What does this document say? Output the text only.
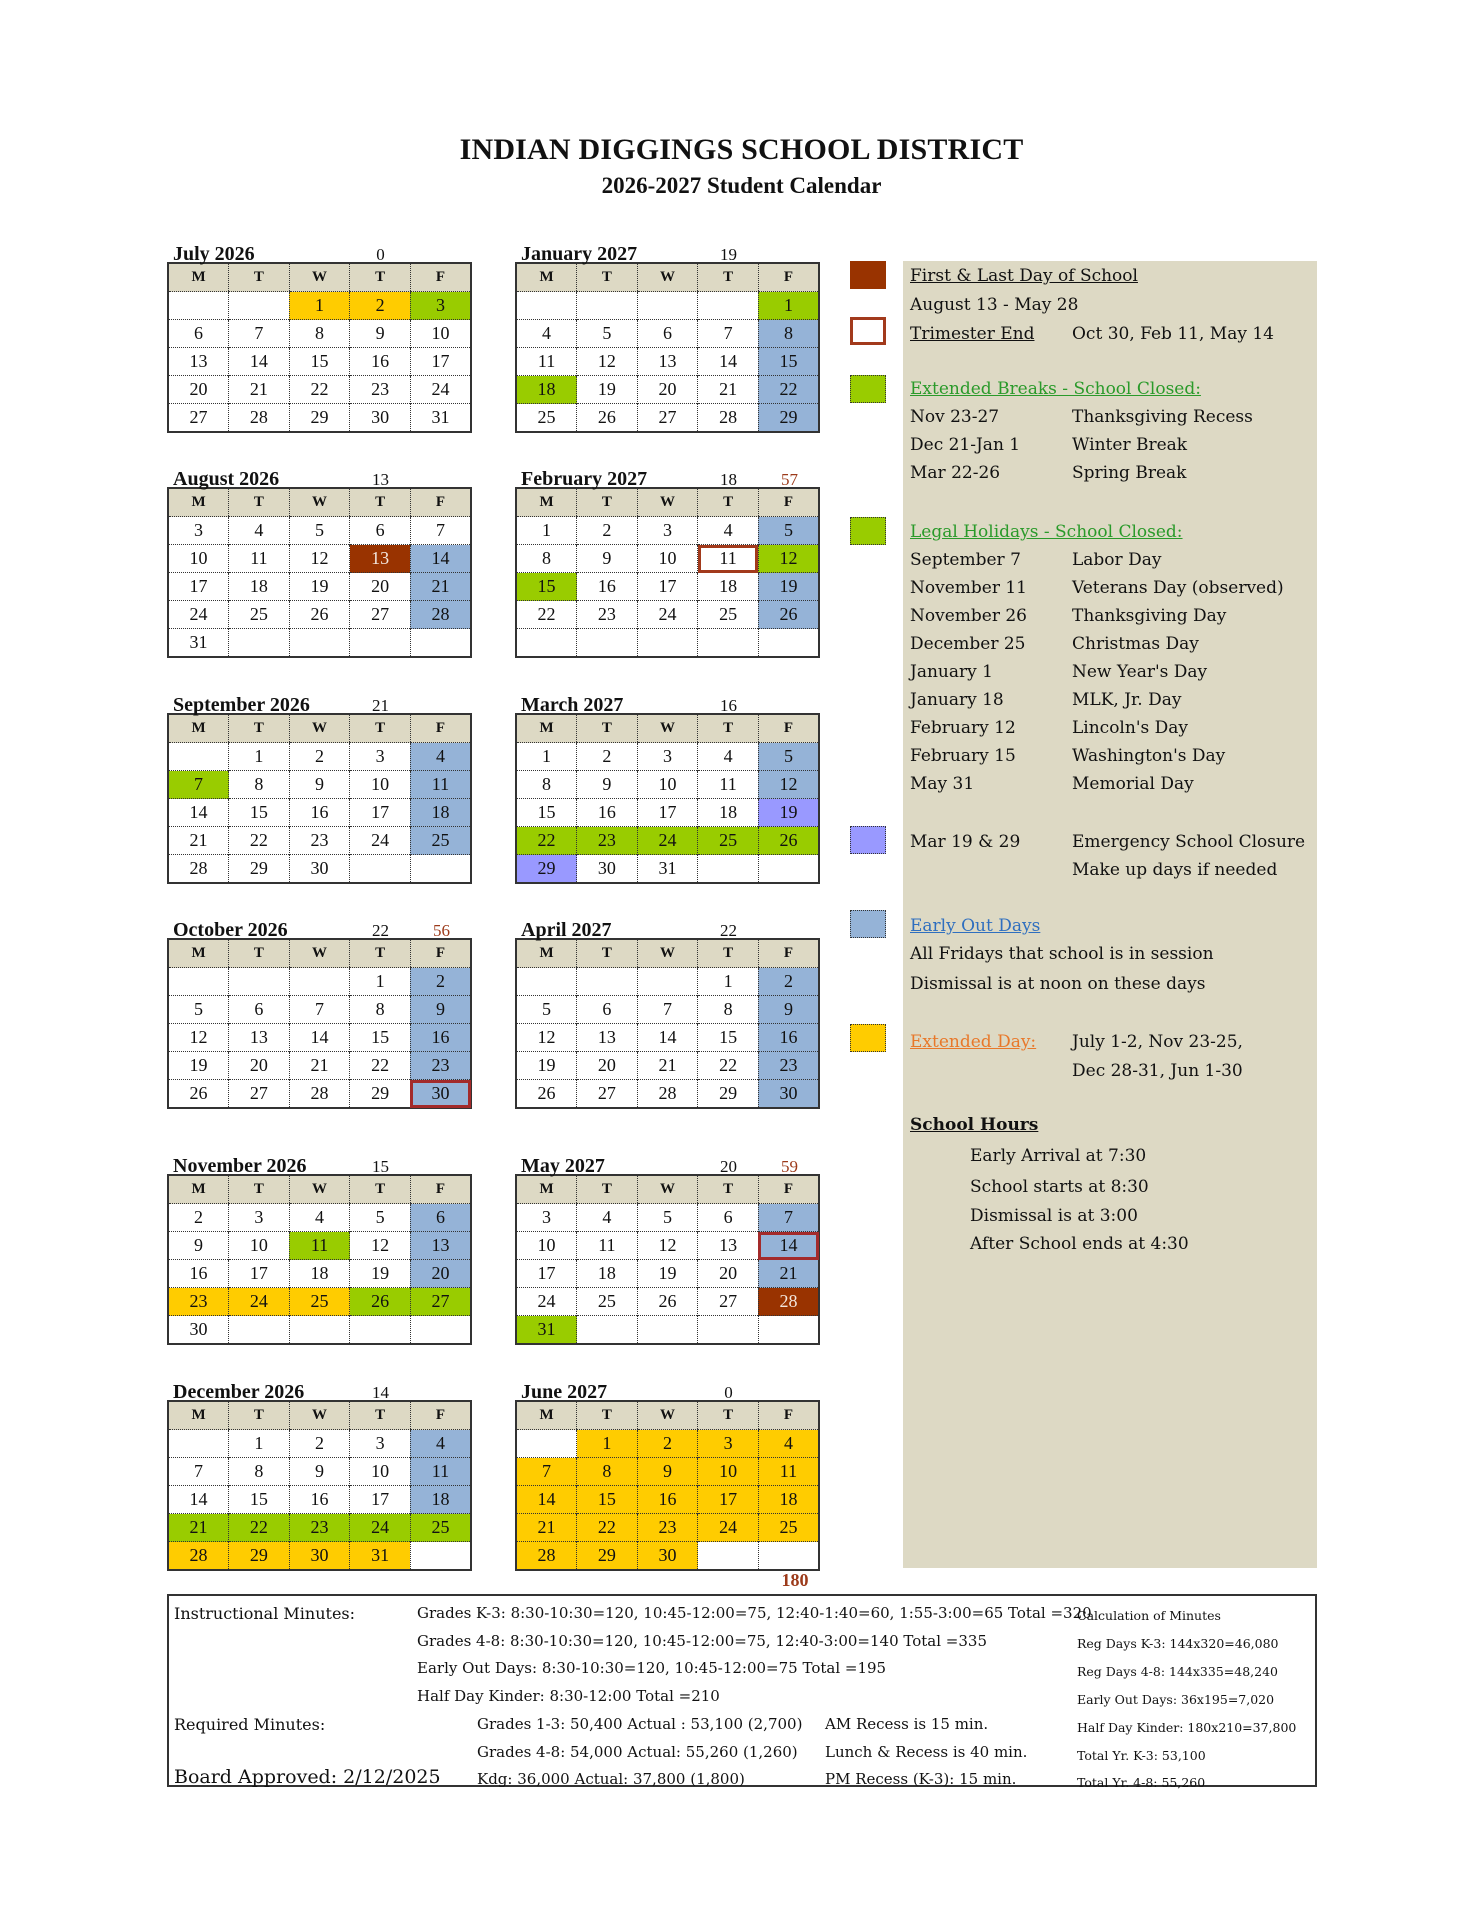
INDIAN DIGGINGS SCHOOL DISTRICT
2026-2027 Student Calendar
July 2026	0
M	T	W	T	F
		1	2	3
6	7	8	9	10
13	14	15	16	17
20	21	22	23	24
27	28	29	30	31
August 2026	13
M	T	W	T	F
3	4	5	6	7
10	11	12	13	14
17	18	19	20	21
24	25	26	27	28
31				
September 2026	21
M	T	W	T	F
	1	2	3	4
7	8	9	10	11
14	15	16	17	18
21	22	23	24	25
28	29	30		
October 2026	22	56
M	T	W	T	F
			1	2
5	6	7	8	9
12	13	14	15	16
19	20	21	22	23
26	27	28	29	30
November 2026	15
M	T	W	T	F
2	3	4	5	6
9	10	11	12	13
16	17	18	19	20
23	24	25	26	27
30				
December 2026	14
M	T	W	T	F
	1	2	3	4
7	8	9	10	11
14	15	16	17	18
21	22	23	24	25
28	29	30	31	
January 2027	19
M	T	W	T	F
				1
4	5	6	7	8
11	12	13	14	15
18	19	20	21	22
25	26	27	28	29
February 2027	18	57
M	T	W	T	F
1	2	3	4	5
8	9	10	11	12
15	16	17	18	19
22	23	24	25	26

March 2027	16
M	T	W	T	F
1	2	3	4	5
8	9	10	11	12
15	16	17	18	19
22	23	24	25	26
29	30	31		
April 2027	22
M	T	W	T	F
			1	2
5	6	7	8	9
12	13	14	15	16
19	20	21	22	23
26	27	28	29	30
May 2027	20	59
M	T	W	T	F
3	4	5	6	7
10	11	12	13	14
17	18	19	20	21
24	25	26	27	28
31				
June 2027	0
M	T	W	T	F
	1	2	3	4
7	8	9	10	11
14	15	16	17	18
21	22	23	24	25
28	29	30		
180
First & Last Day of School
August 13 - May 28
Trimester End Oct 30, Feb 11, May 14
Extended Breaks - School Closed:
Nov 23-27	Thanksgiving Recess
Dec 21-Jan 1	Winter Break
Mar 22-26	Spring Break
Legal Holidays - School Closed:
September 7	Labor Day
November 11	Veterans Day (observed)
November 26	Thanksgiving Day
December 25	Christmas Day
January 1	New Year's Day
January 18	MLK, Jr. Day
February 12	Lincoln's Day
February 15	Washington's Day
May 31	Memorial Day
Mar 19 & 29	Emergency School Closure
Make up days if needed
Early Out Days
All Fridays that school is in session
Dismissal is at noon on these days
Extended Day: July 1-2, Nov 23-25,
Dec 28-31, Jun 1-30
School Hours
Early Arrival at 7:30
School starts at 8:30
Dismissal is at 3:00
After School ends at 4:30
Instructional Minutes:	Grades K-3: 8:30-10:30=120, 10:45-12:00=75, 12:40-1:40=60, 1:55-3:00=65 Total =320
Grades 4-8: 8:30-10:30=120, 10:45-12:00=75, 12:40-3:00=140 Total =335
Early Out Days: 8:30-10:30=120, 10:45-12:00=75 Total =195
Half Day Kinder: 8:30-12:00 Total =210
Required Minutes:	Grades 1-3: 50,400 Actual : 53,100 (2,700)
Grades 4-8: 54,000 Actual: 55,260 (1,260)
Kdg: 36,000 Actual: 37,800 (1,800)
AM Recess is 15 min.
Lunch & Recess is 40 min.
PM Recess (K-3): 15 min.
Board Approved: 2/12/2025
Calculation of Minutes
Reg Days K-3: 144x320=46,080
Reg Days 4-8: 144x335=48,240
Early Out Days: 36x195=7,020
Half Day Kinder: 180x210=37,800
Total Yr. K-3: 53,100
Total Yr. 4-8: 55,260
